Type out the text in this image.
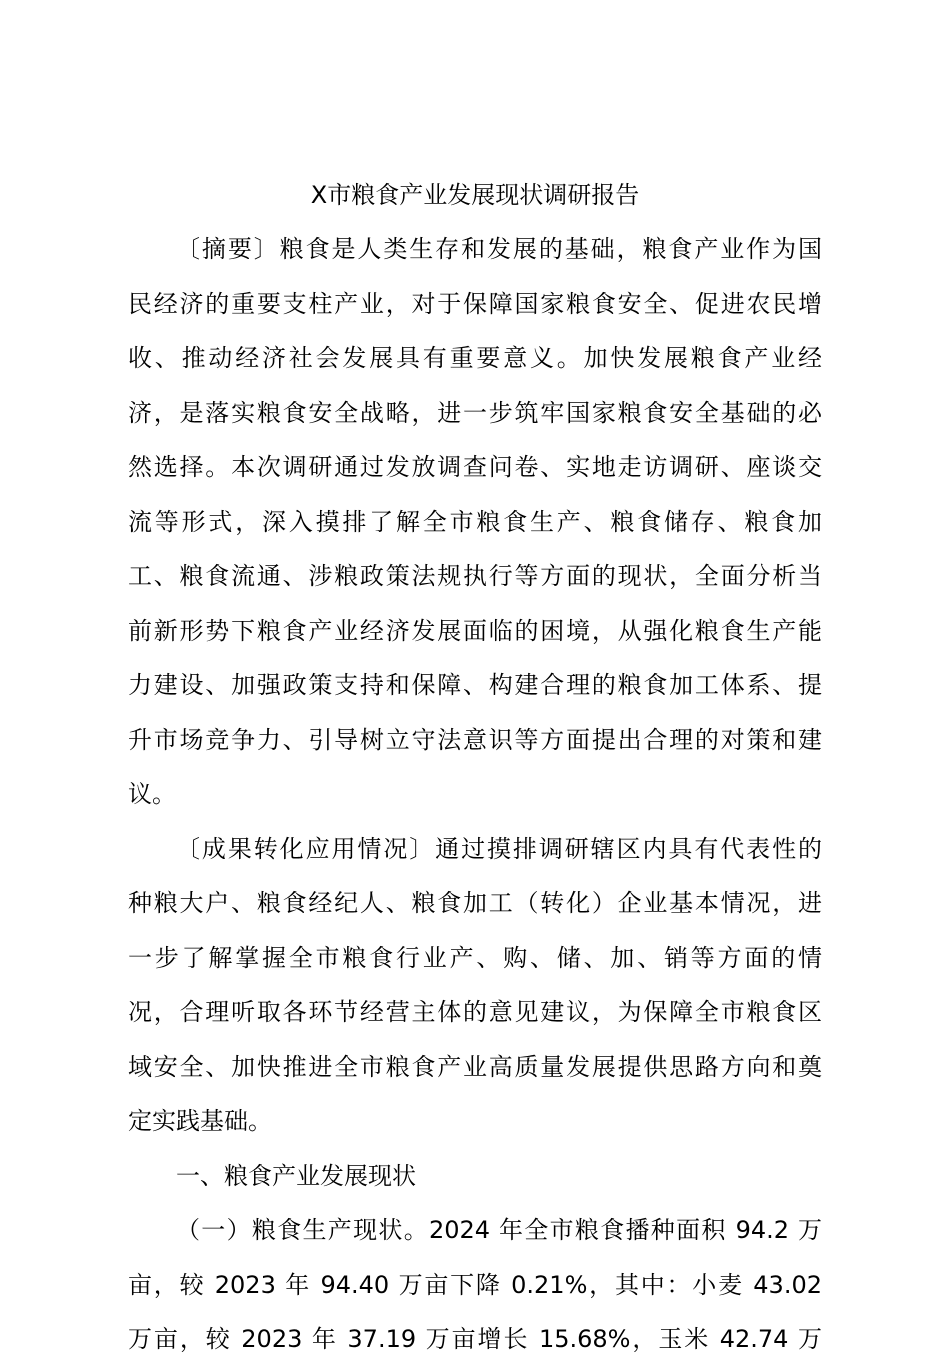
X市粮食产业发展现状调研报告
〔摘要〕粮食是人类生存和发展的基础，粮食产业作为国
民经济的重要支柱产业，对于保障国家粮食安全、促进农民增
收、推动经济社会发展具有重要意义。加快发展粮食产业经
济，是落实粮食安全战略，进一步筑牢国家粮食安全基础的必
然选择。本次调研通过发放调查问卷、实地走访调研、座谈交
流等形式，深入摸排了解全市粮食生产、粮食储存、粮食加
工、粮食流通、涉粮政策法规执行等方面的现状，全面分析当
前新形势下粮食产业经济发展面临的困境，从强化粮食生产能
力建设、加强政策支持和保障、构建合理的粮食加工体系、提
升市场竞争力、引导树立守法意识等方面提出合理的对策和建
议。
〔成果转化应用情况〕通过摸排调研辖区内具有代表性的
种粮大户、粮食经纪人、粮食加工（转化）企业基本情况，进
一步了解掌握全市粮食行业产、购、储、加、销等方面的情
况，合理听取各环节经营主体的意见建议，为保障全市粮食区
域安全、加快推进全市粮食产业高质量发展提供思路方向和奠
定实践基础。
一、粮食产业发展现状
（一）粮食生产现状。2024 年全市粮食播种面积 94.2 万
亩，较 2023 年 94.40 万亩下降 0.21%，其中：小麦 43.02
万亩，较 2023 年 37.19 万亩增长 15.68%，玉米 42.74 万
